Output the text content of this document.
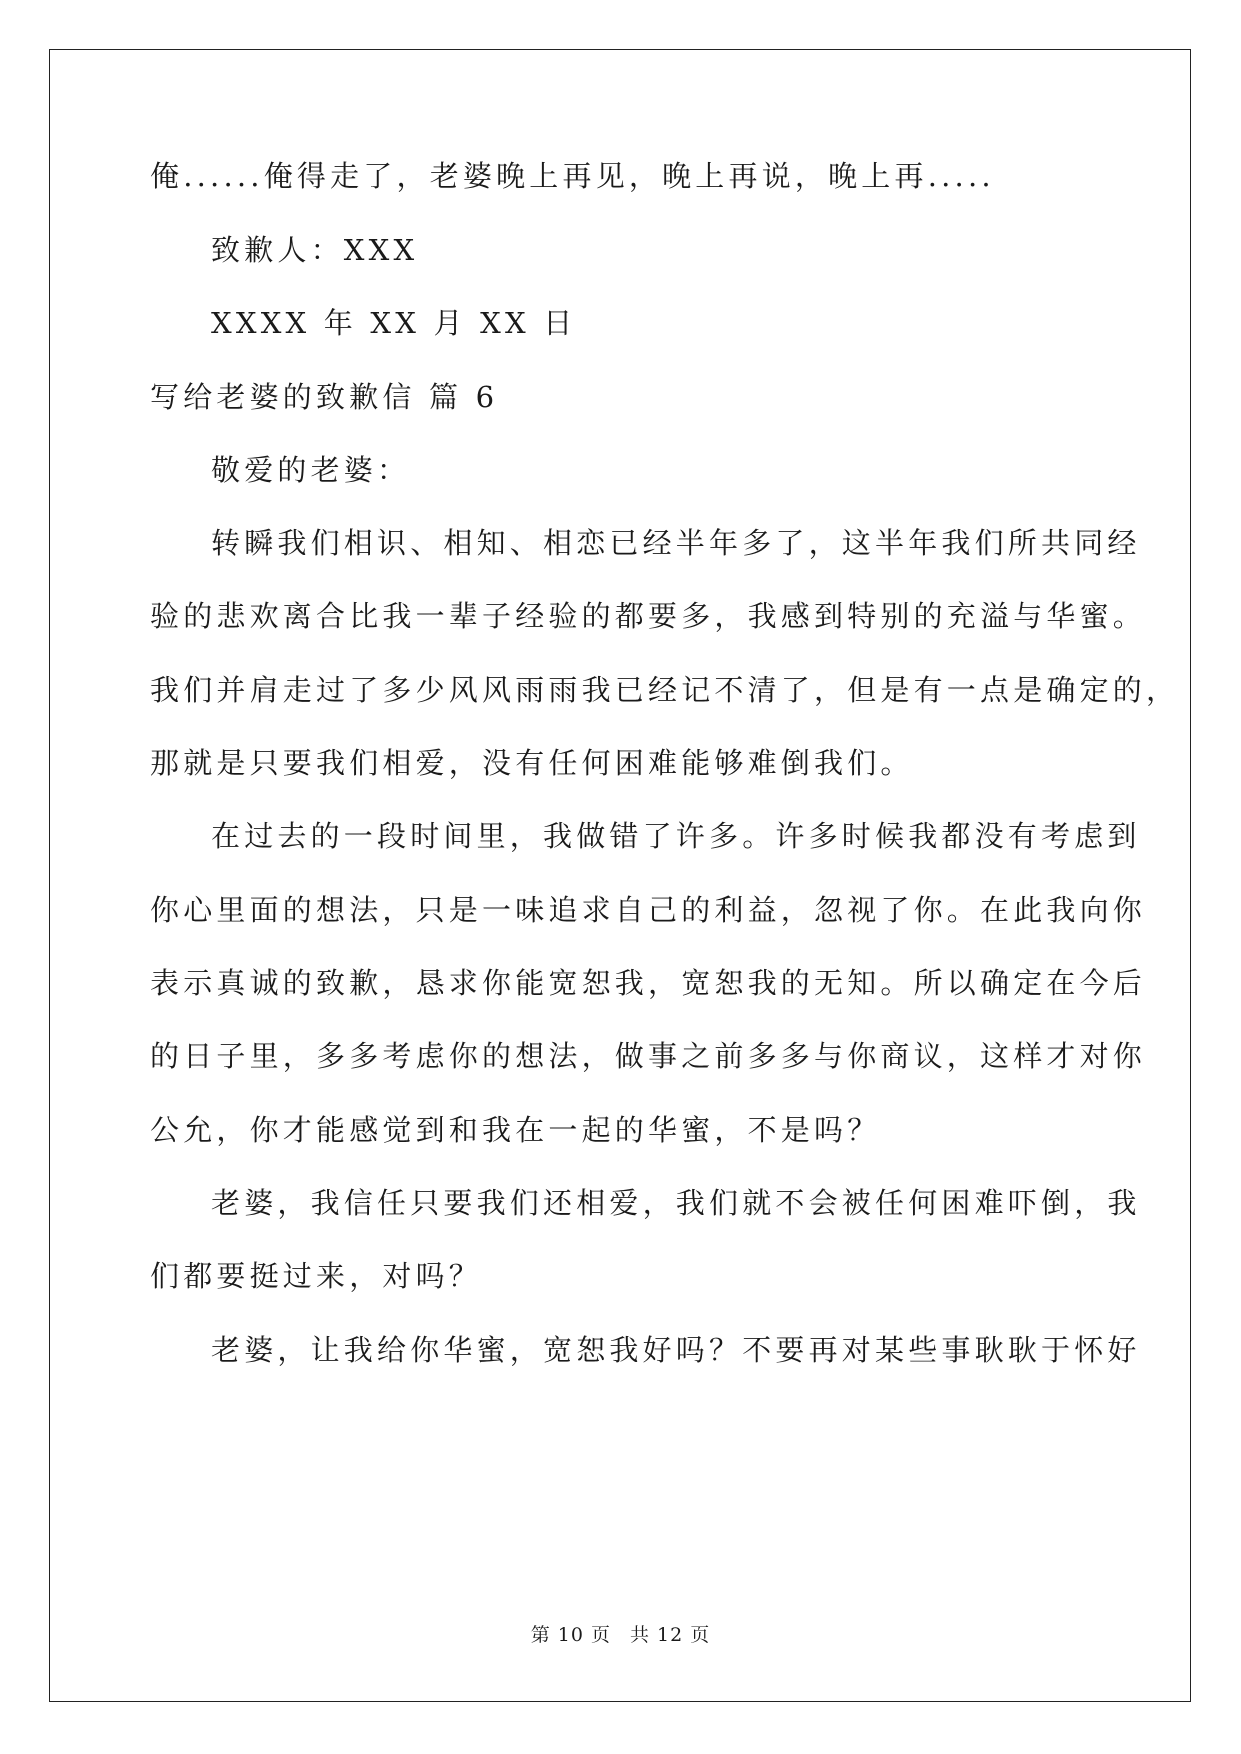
俺......俺得走了，老婆晚上再见，晚上再说，晚上再.....
致歉人：XXX
XXXX 年 XX 月 XX 日
写给老婆的致歉信 篇 6
敬爱的老婆：
转瞬我们相识、相知、相恋已经半年多了，这半年我们所共同经
验的悲欢离合比我一辈子经验的都要多，我感到特别的充溢与华蜜。
我们并肩走过了多少风风雨雨我已经记不清了，但是有一点是确定的，
那就是只要我们相爱，没有任何困难能够难倒我们。
在过去的一段时间里，我做错了许多。许多时候我都没有考虑到
你心里面的想法，只是一味追求自己的利益，忽视了你。在此我向你
表示真诚的致歉，恳求你能宽恕我，宽恕我的无知。所以确定在今后
的日子里，多多考虑你的想法，做事之前多多与你商议，这样才对你
公允，你才能感觉到和我在一起的华蜜，不是吗？
老婆，我信任只要我们还相爱，我们就不会被任何困难吓倒，我
们都要挺过来，对吗？
老婆，让我给你华蜜，宽恕我好吗？不要再对某些事耿耿于怀好
第 10 页 共 12 页
